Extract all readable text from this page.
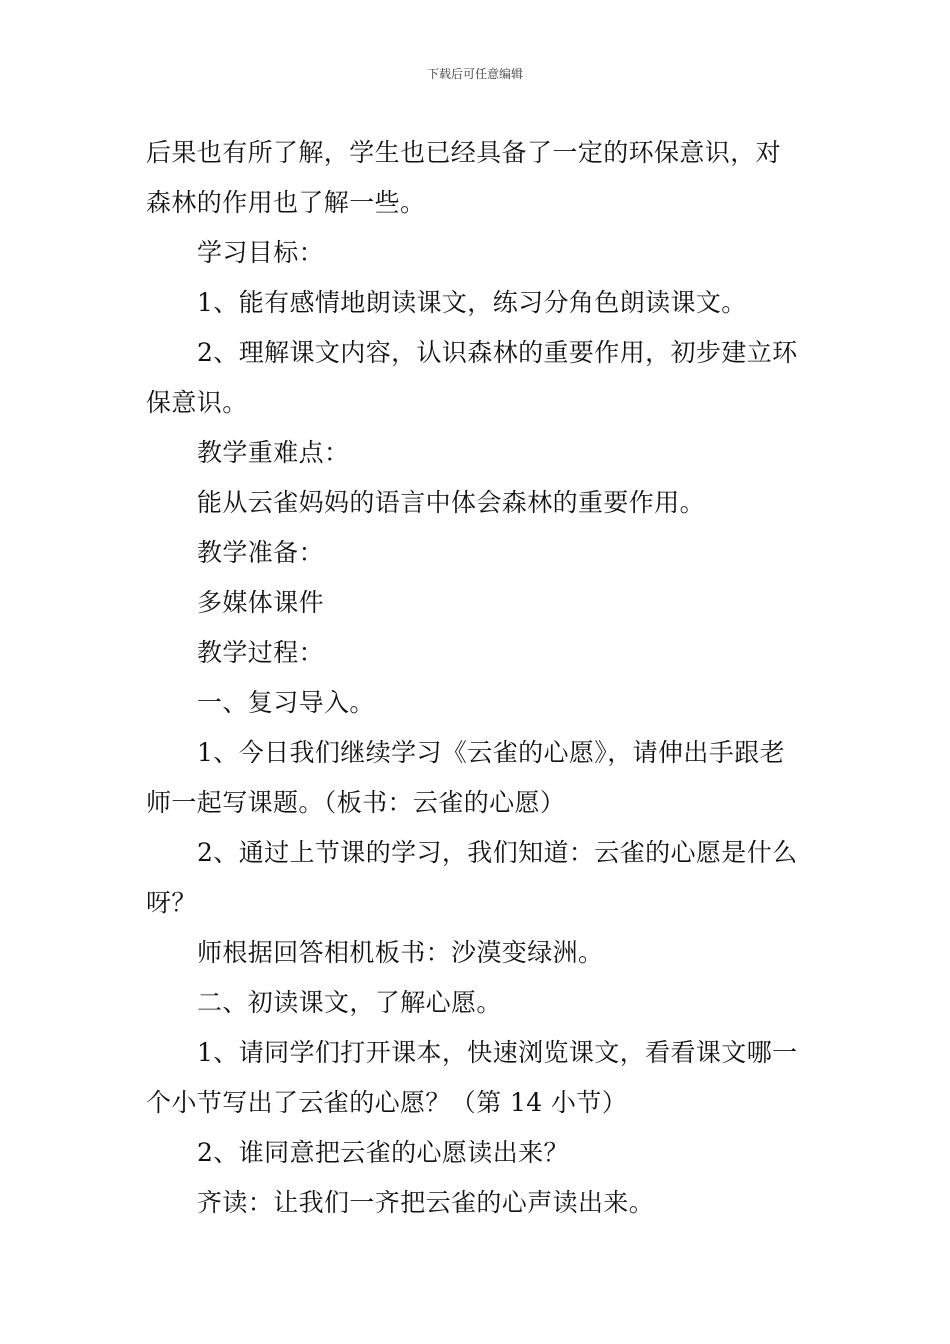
下载后可任意编辑
后果也有所了解，学生也已经具备了一定的环保意识，对
森林的作用也了解一些。
学习目标：
1、能有感情地朗读课文，练习分角色朗读课文。
2、理解课文内容，认识森林的重要作用，初步建立环
保意识。
教学重难点：
能从云雀妈妈的语言中体会森林的重要作用。
教学准备：
多媒体课件
教学过程：
一、复习导入。
1、今日我们继续学习《云雀的心愿》，请伸出手跟老
师一起写课题。（板书：云雀的心愿）
2、通过上节课的学习，我们知道：云雀的心愿是什么
呀？
师根据回答相机板书：沙漠变绿洲。
二、初读课文，了解心愿。
1、请同学们打开课本，快速浏览课文，看看课文哪一
个小节写出了云雀的心愿？（第 14 小节）
2、谁同意把云雀的心愿读出来？
齐读：让我们一齐把云雀的心声读出来。
